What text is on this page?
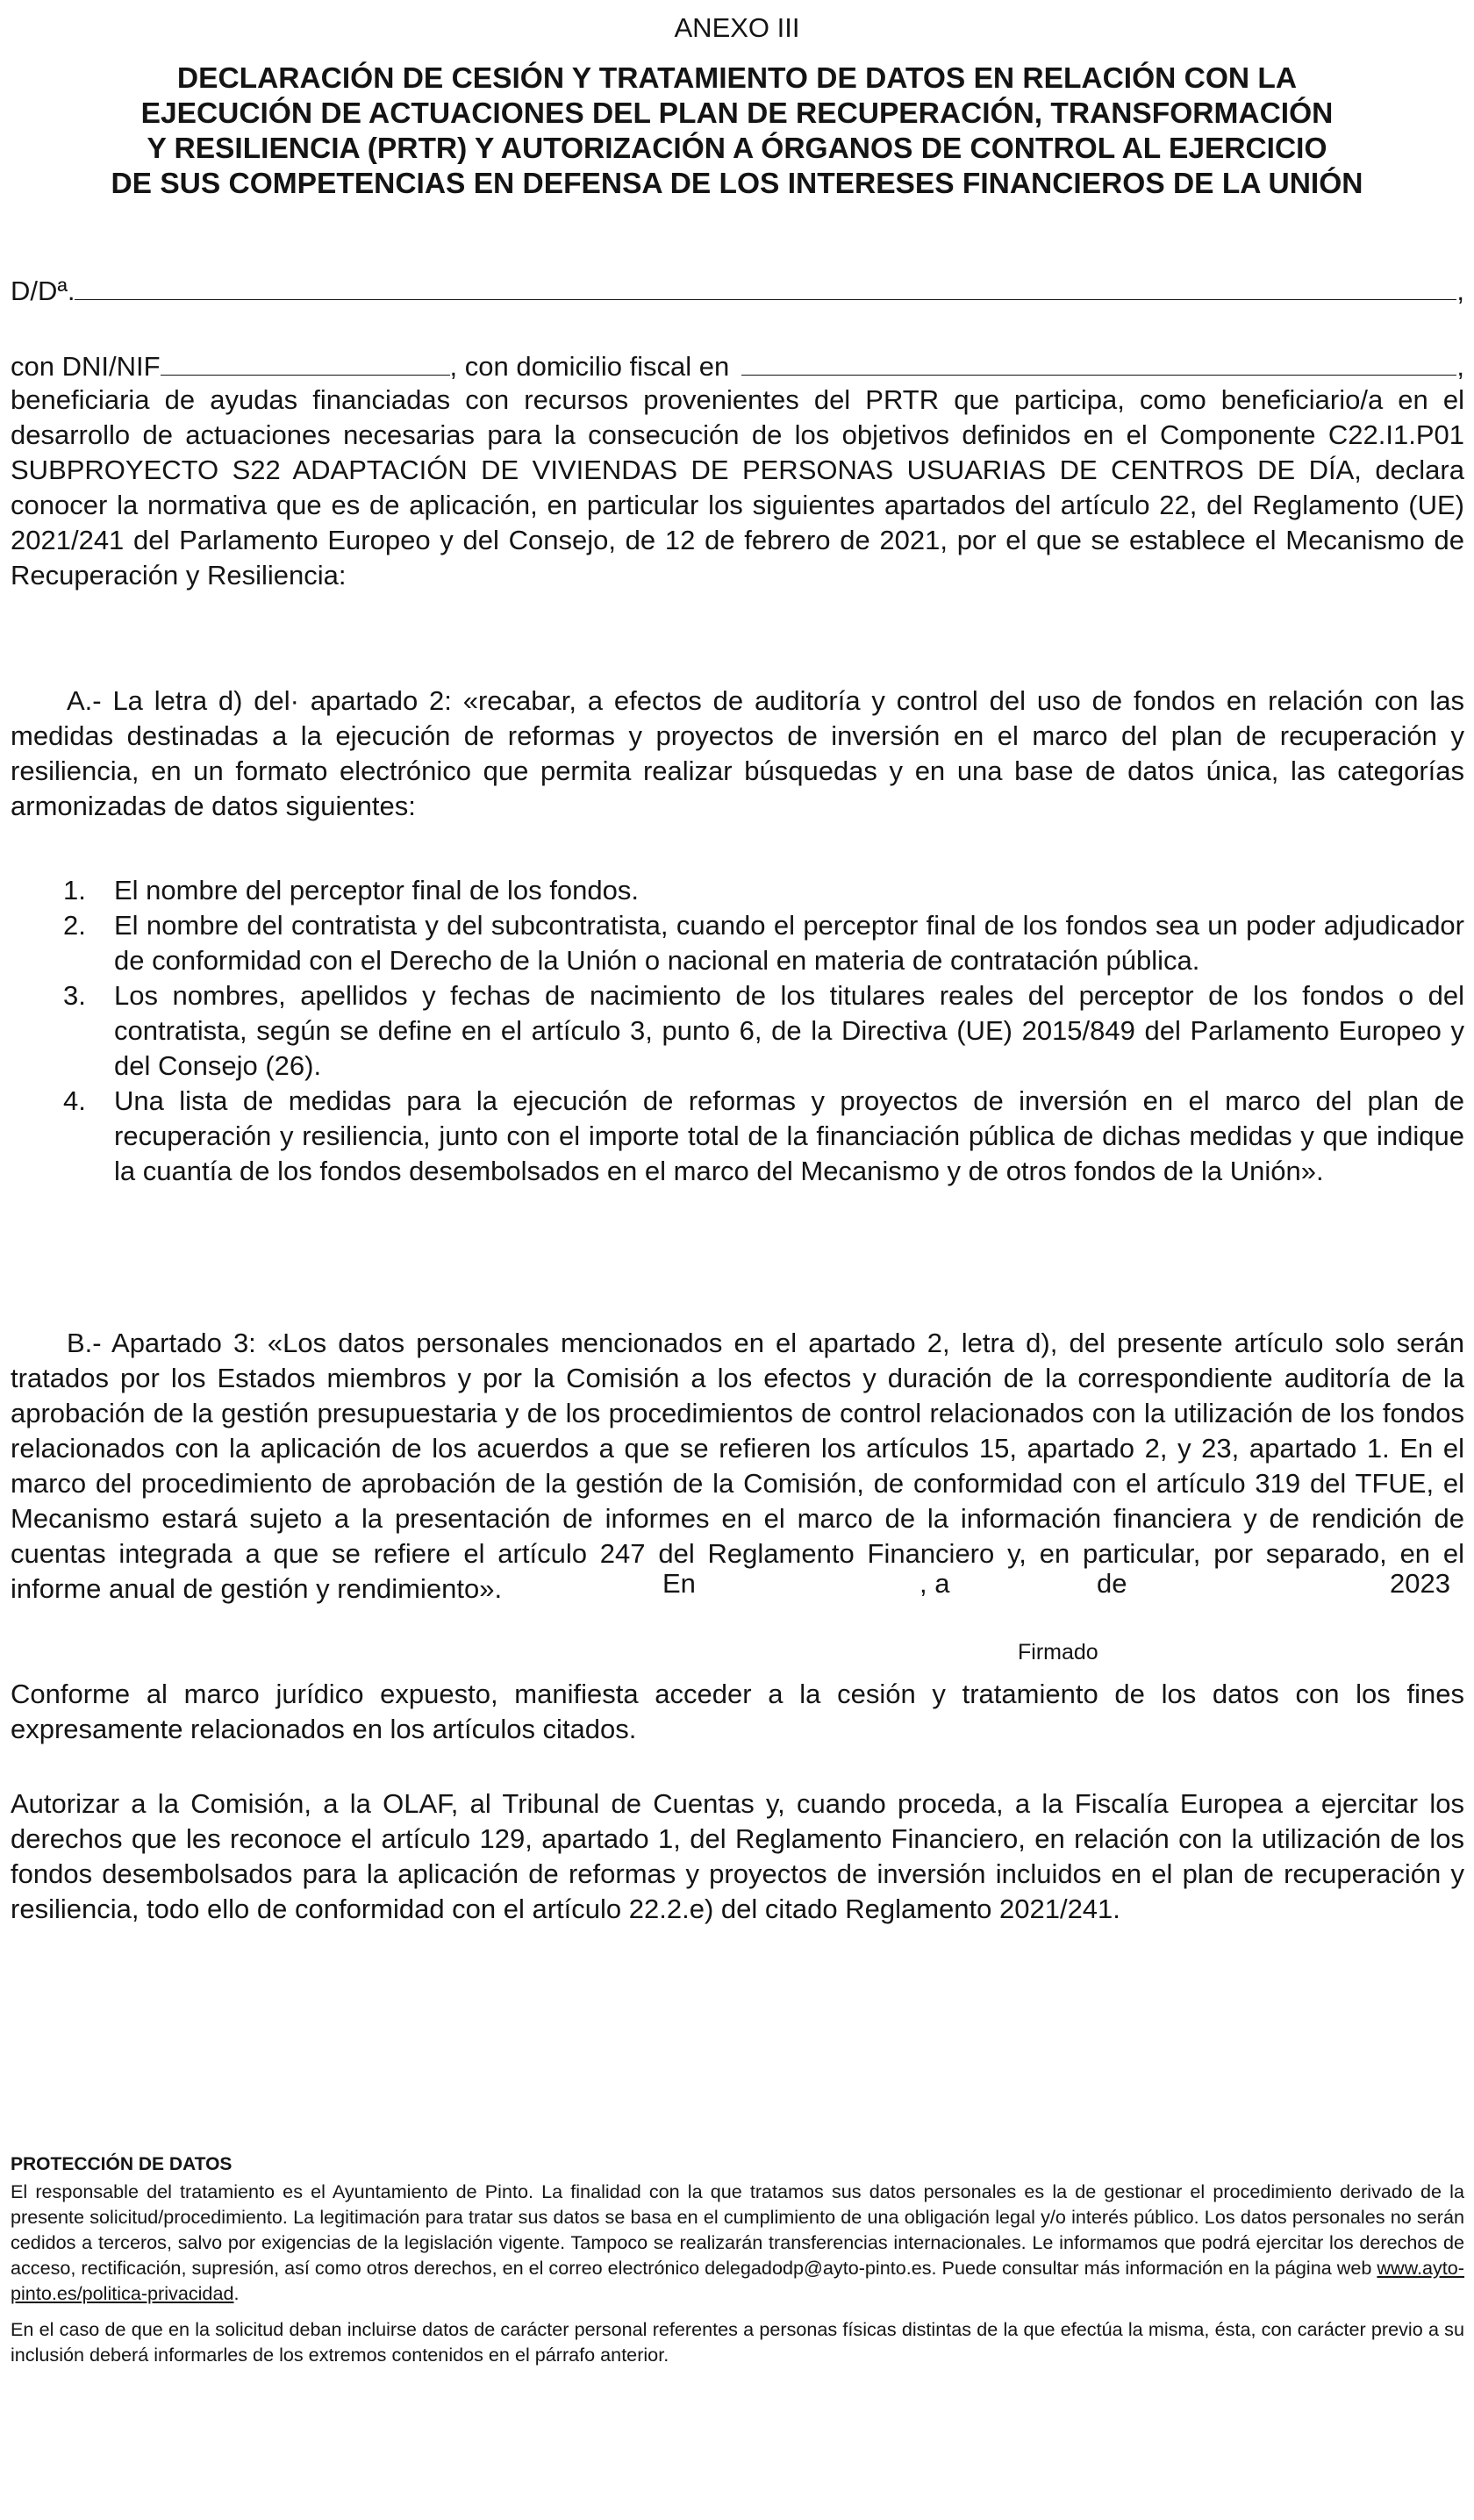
ANEXO III
DECLARACIÓN DE CESIÓN Y TRATAMIENTO DE DATOS EN RELACIÓN CON LA
EJECUCIÓN DE ACTUACIONES DEL PLAN DE RECUPERACIÓN, TRANSFORMACIÓN
Y RESILIENCIA (PRTR) Y AUTORIZACIÓN A ÓRGANOS DE CONTROL AL EJERCICIO
DE SUS COMPETENCIAS EN DEFENSA DE LOS INTERESES FINANCIEROS DE LA UNIÓN
D/Dª.	,
con DNI/NIF	, con domicilio fiscal en	,
beneficiaria de ayudas financiadas con recursos provenientes del PRTR que participa, como beneficiario/a en el desarrollo de actuaciones necesarias para la consecución de los objetivos definidos en el Componente C22.I1.P01 SUBPROYECTO S22 ADAPTACIÓN DE VIVIENDAS DE PERSONAS USUARIAS DE CENTROS DE DÍA, declara conocer la normativa que es de aplicación, en particular los siguientes apartados del artículo 22, del Reglamento (UE) 2021/241 del Parlamento Europeo y del Consejo, de 12 de febrero de 2021, por el que se establece el Mecanismo de Recuperación y Resiliencia:
A.- La letra d) del· apartado 2: «recabar, a efectos de auditoría y control del uso de fondos en relación con las medidas destinadas a la ejecución de reformas y proyectos de inversión en el marco del plan de recuperación y resiliencia, en un formato electrónico que permita realizar búsquedas y en una base de datos única, las categorías armonizadas de datos siguientes:
1. El nombre del perceptor final de los fondos.
2. El nombre del contratista y del subcontratista, cuando el perceptor final de los fondos sea un poder adjudicador de conformidad con el Derecho de la Unión o nacional en materia de contratación pública.
3. Los nombres, apellidos y fechas de nacimiento de los titulares reales del perceptor de los fondos o del contratista, según se define en el artículo 3, punto 6, de la Directiva (UE) 2015/849 del Parlamento Europeo y del Consejo (26).
4. Una lista de medidas para la ejecución de reformas y proyectos de inversión en el marco del plan de recuperación y resiliencia, junto con el importe total de la financiación pública de dichas medidas y que indique la cuantía de los fondos desembolsados en el marco del Mecanismo y de otros fondos de la Unión».
B.- Apartado 3: «Los datos personales mencionados en el apartado 2, letra d), del presente artículo solo serán tratados por los Estados miembros y por la Comisión a los efectos y duración de la correspondiente auditoría de la aprobación de la gestión presupuestaria y de los procedimientos de control relacionados con la utilización de los fondos relacionados con la aplicación de los acuerdos a que se refieren los artículos 15, apartado 2, y 23, apartado 1. En el marco del procedimiento de aprobación de la gestión de la Comisión, de conformidad con el artículo 319 del TFUE, el Mecanismo estará sujeto a la presentación de informes en el marco de la información financiera y de rendición de cuentas integrada a que se refiere el artículo 247 del Reglamento Financiero y, en particular, por separado, en el informe anual de gestión y rendimiento».
Conforme al marco jurídico expuesto, manifiesta acceder a la cesión y tratamiento de los datos con los fines expresamente relacionados en los artículos citados.
Autorizar a la Comisión, a la OLAF, al Tribunal de Cuentas y, cuando proceda, a la Fiscalía Europea a ejercitar los derechos que les reconoce el artículo 129, apartado 1, del Reglamento Financiero, en relación con la utilización de los fondos desembolsados para la aplicación de reformas y proyectos de inversión incluidos en el plan de recuperación y resiliencia, todo ello de conformidad con el artículo 22.2.e) del citado Reglamento 2021/241.
En	, a	de	2023
Firmado
PROTECCIÓN DE DATOS
El responsable del tratamiento es el Ayuntamiento de Pinto. La finalidad con la que tratamos sus datos personales es la de gestionar el procedimiento derivado de la presente solicitud/procedimiento. La legitimación para tratar sus datos se basa en el cumplimiento de una obligación legal y/o interés público. Los datos personales no serán cedidos a terceros, salvo por exigencias de la legislación vigente. Tampoco se realizarán transferencias internacionales. Le informamos que podrá ejercitar los derechos de acceso, rectificación, supresión, así como otros derechos, en el correo electrónico delegadodp@ayto-pinto.es. Puede consultar más información en la página web www.ayto-pinto.es/politica-privacidad.
En el caso de que en la solicitud deban incluirse datos de carácter personal referentes a personas físicas distintas de la que efectúa la misma, ésta, con carácter previo a su inclusión deberá informarles de los extremos contenidos en el párrafo anterior.
